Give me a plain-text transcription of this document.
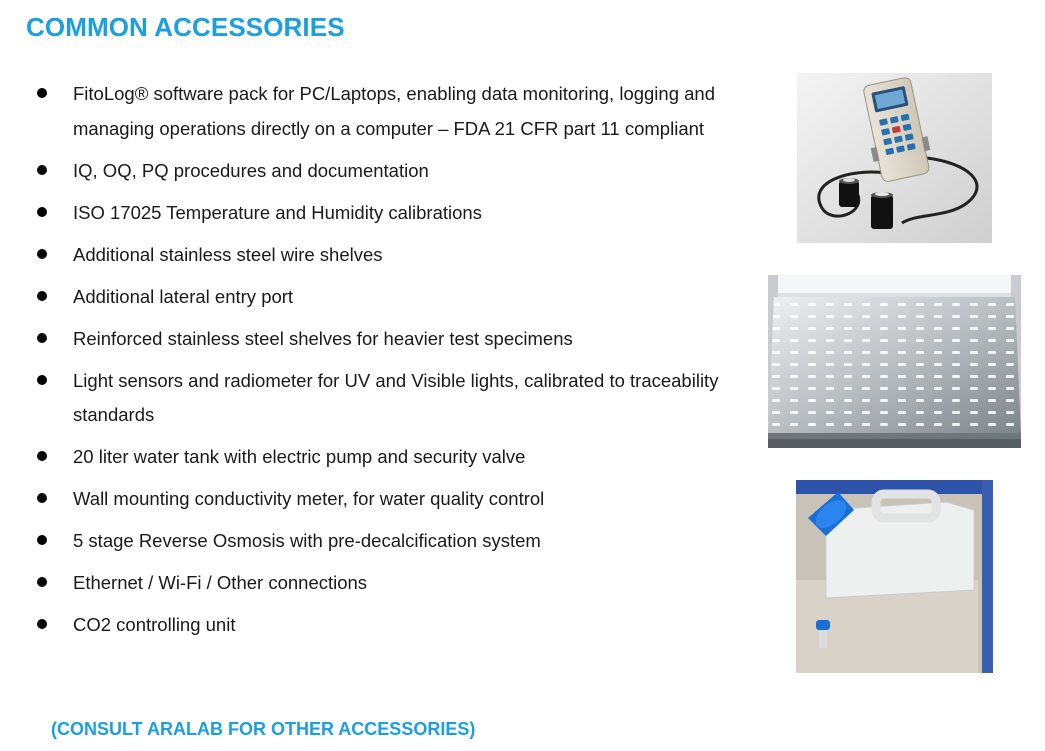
COMMON ACCESSORIES
FitoLog® software pack for PC/Laptops, enabling data monitoring, logging and managing operations directly on a computer – FDA 21 CFR part 11 compliant
IQ, OQ, PQ procedures and documentation
ISO 17025 Temperature and Humidity calibrations
Additional stainless steel wire shelves
Additional lateral entry port
Reinforced stainless steel shelves for heavier test specimens
Light sensors and radiometer for UV and Visible lights, calibrated to traceability standards
20 liter water tank with electric pump and security valve
Wall mounting conductivity meter, for water quality control
5 stage Reverse Osmosis with pre-decalcification system
Ethernet / Wi-Fi / Other connections
CO2 controlling unit

(CONSULT ARALAB FOR OTHER ACCESSORIES)
